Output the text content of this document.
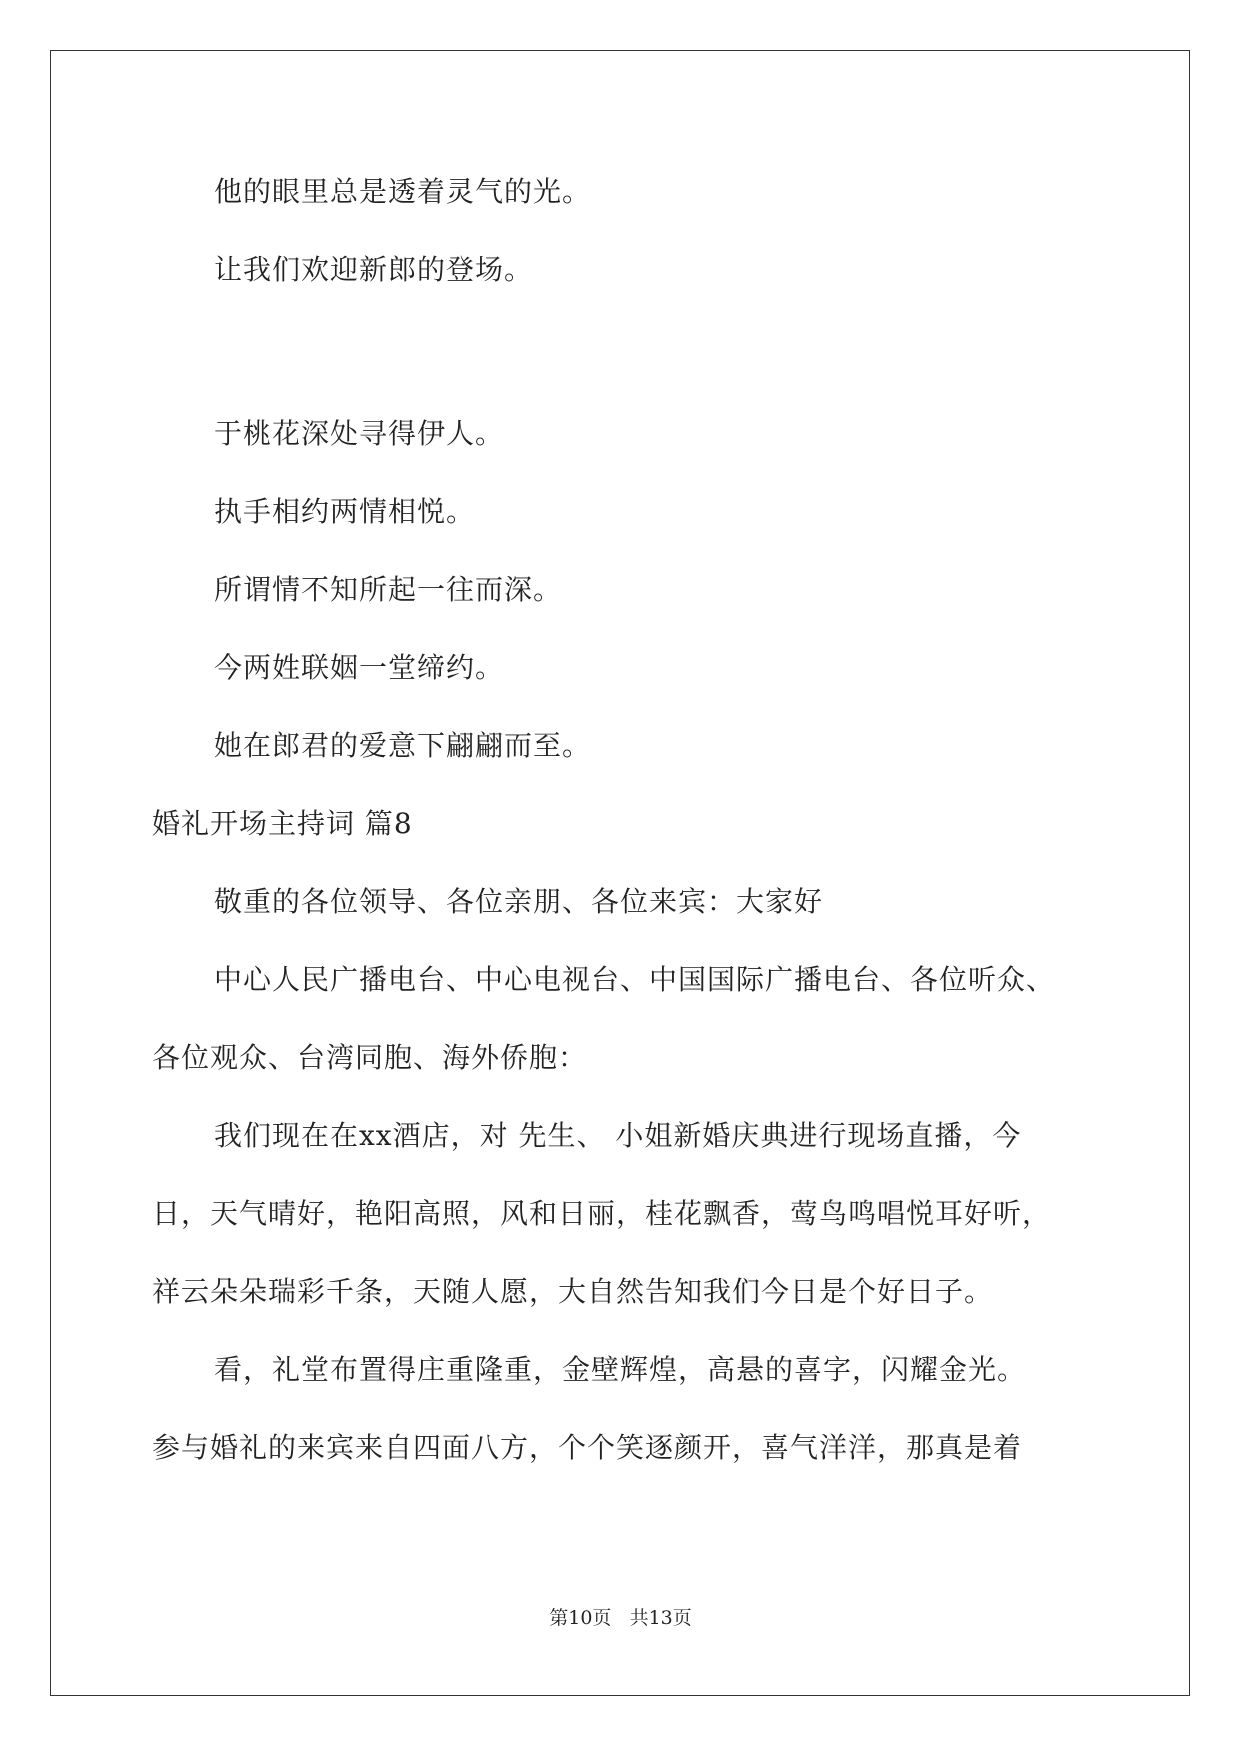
他的眼里总是透着灵气的光。
让我们欢迎新郎的登场。
于桃花深处寻得伊人。
执手相约两情相悦。
所谓情不知所起一往而深。
今两姓联姻一堂缔约。
她在郎君的爱意下翩翩而至。
婚礼开场主持词 篇8
敬重的各位领导、各位亲朋、各位来宾：大家好
中心人民广播电台、中心电视台、中国国际广播电台、各位听众、
各位观众、台湾同胞、海外侨胞：
我们现在在xx酒店，对 先生、 小姐新婚庆典进行现场直播，今
日，天气晴好，艳阳高照，风和日丽，桂花飘香，莺鸟鸣唱悦耳好听，
祥云朵朵瑞彩千条，天随人愿，大自然告知我们今日是个好日子。
看，礼堂布置得庄重隆重，金壁辉煌，高悬的喜字，闪耀金光。
参与婚礼的来宾来自四面八方，个个笑逐颜开，喜气洋洋，那真是着
第10页 共13页
